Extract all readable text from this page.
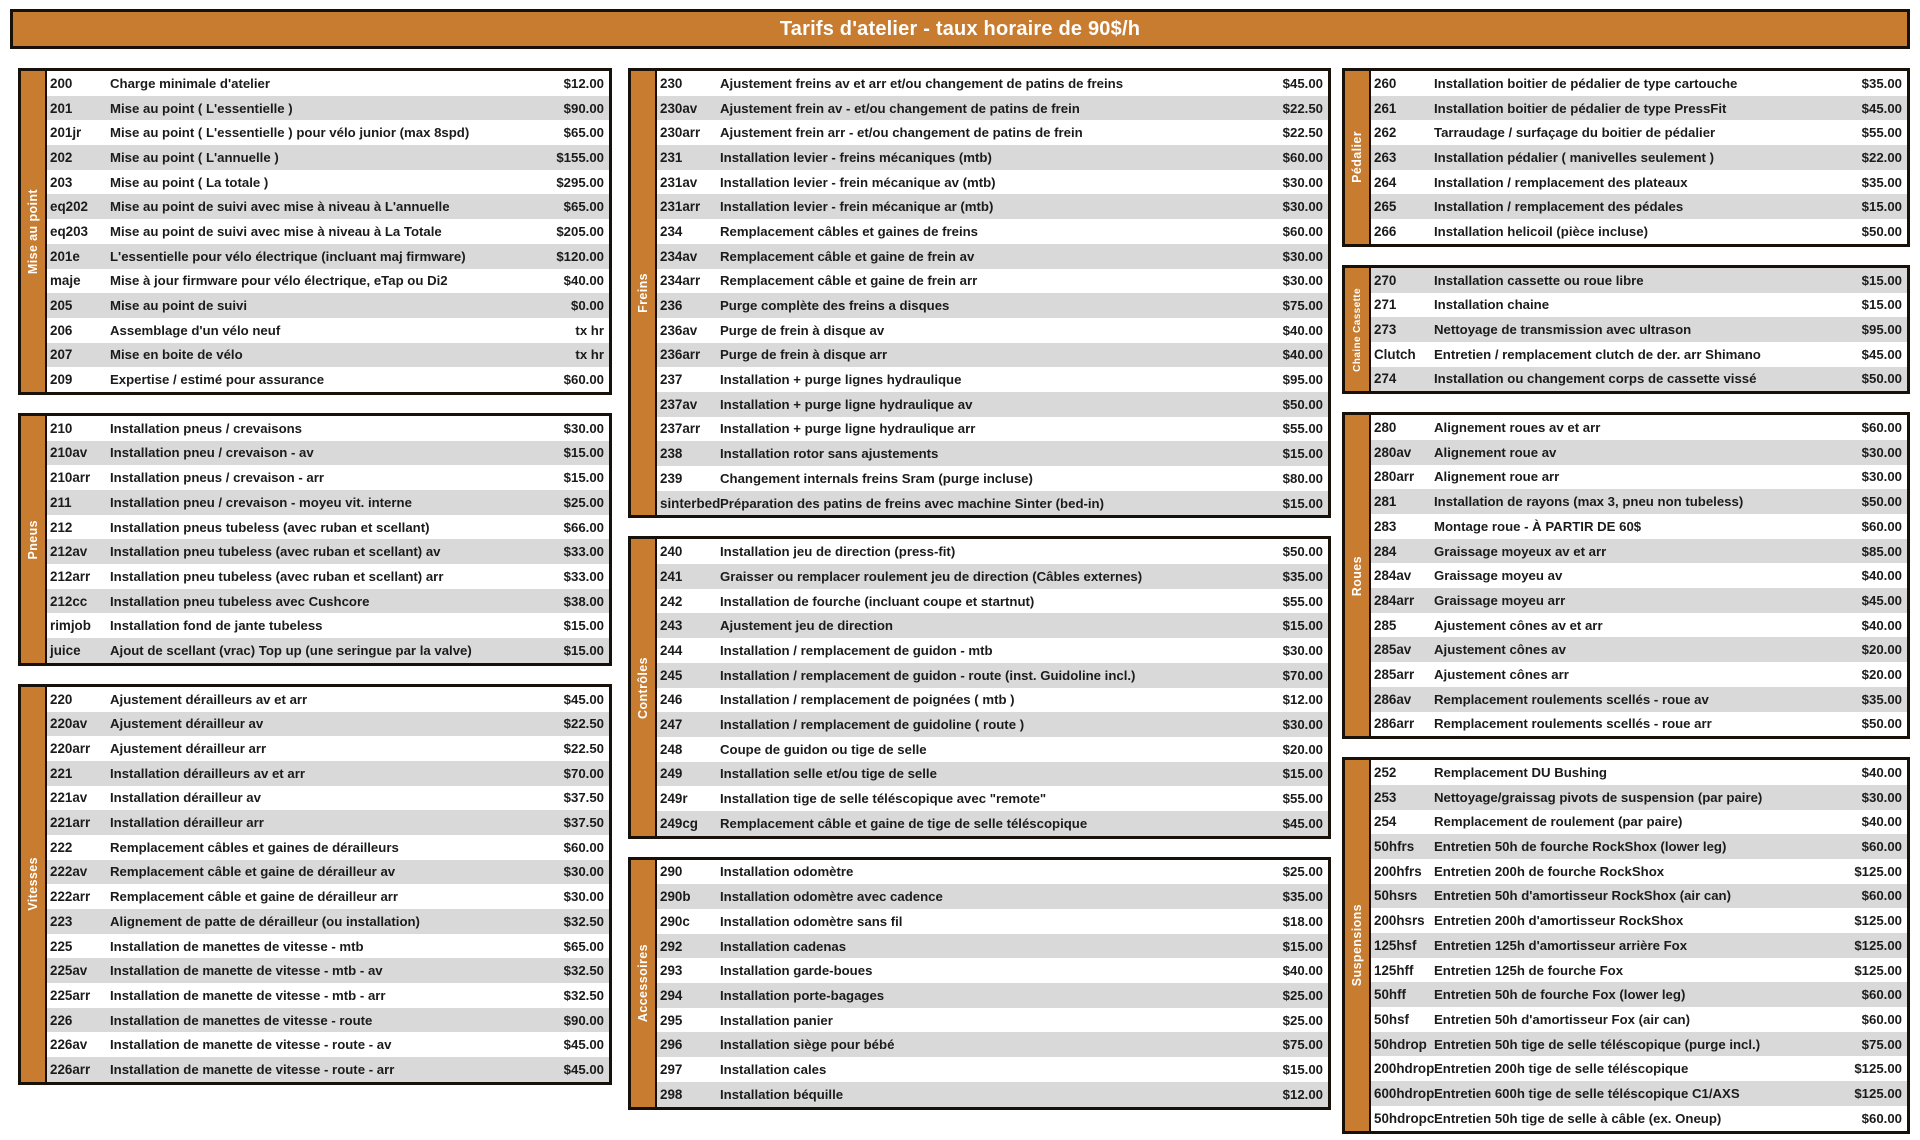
Tarifs d'atelier - taux horaire de 90$/h
Mise au point
200	Charge minimale d'atelier	$12.00
201	Mise au point ( L'essentielle )	$90.00
201jr	Mise au point ( L'essentielle ) pour vélo junior (max 8spd)	$65.00
202	Mise au point ( L'annuelle )	$155.00
203	Mise au point ( La totale )	$295.00
eq202	Mise au point de suivi avec mise à niveau à L'annuelle	$65.00
eq203	Mise au point de suivi avec mise à niveau à La Totale	$205.00
201e	L'essentielle pour vélo électrique (incluant maj firmware)	$120.00
maje	Mise à jour firmware pour vélo électrique, eTap ou Di2	$40.00
205	Mise au point de suivi	$0.00
206	Assemblage d'un vélo neuf	tx hr
207	Mise en boite de vélo	tx hr
209	Expertise / estimé pour assurance	$60.00
Pneus
210	Installation pneus / crevaisons	$30.00
210av	Installation pneu / crevaison - av	$15.00
210arr	Installation pneus / crevaison - arr	$15.00
211	Installation pneu / crevaison - moyeu vit. interne	$25.00
212	Installation pneus tubeless (avec ruban et scellant)	$66.00
212av	Installation pneu tubeless (avec ruban et scellant) av	$33.00
212arr	Installation pneu tubeless (avec ruban et scellant) arr	$33.00
212cc	Installation pneu tubeless avec Cushcore	$38.00
rimjob	Installation fond de jante tubeless	$15.00
juice	Ajout de scellant (vrac) Top up (une seringue par la valve)	$15.00
Vitesses
220	Ajustement dérailleurs av et arr	$45.00
220av	Ajustement dérailleur av	$22.50
220arr	Ajustement dérailleur arr	$22.50
221	Installation dérailleurs av et arr	$70.00
221av	Installation dérailleur av	$37.50
221arr	Installation dérailleur arr	$37.50
222	Remplacement câbles et gaines de dérailleurs	$60.00
222av	Remplacement câble et gaine de dérailleur av	$30.00
222arr	Remplacement câble et gaine de dérailleur arr	$30.00
223	Alignement de patte de dérailleur (ou installation)	$32.50
225	Installation de manettes de vitesse - mtb	$65.00
225av	Installation de manette de vitesse - mtb - av	$32.50
225arr	Installation de manette de vitesse - mtb - arr	$32.50
226	Installation de manettes de vitesse - route	$90.00
226av	Installation de manette de vitesse - route - av	$45.00
226arr	Installation de manette de vitesse - route - arr	$45.00
Freins
230	Ajustement freins av et arr et/ou changement de patins de freins	$45.00
230av	Ajustement frein av - et/ou changement de patins de frein	$22.50
230arr	Ajustement frein arr - et/ou changement de patins de frein	$22.50
231	Installation levier - freins mécaniques (mtb)	$60.00
231av	Installation levier - frein mécanique av (mtb)	$30.00
231arr	Installation levier - frein mécanique ar (mtb)	$30.00
234	Remplacement câbles et gaines de freins	$60.00
234av	Remplacement câble et gaine de frein av	$30.00
234arr	Remplacement câble et gaine de frein arr	$30.00
236	Purge complète des freins a disques	$75.00
236av	Purge de frein à disque av	$40.00
236arr	Purge de frein à disque arr	$40.00
237	Installation + purge lignes hydraulique	$95.00
237av	Installation + purge ligne hydraulique av	$50.00
237arr	Installation + purge ligne hydraulique arr	$55.00
238	Installation rotor sans ajustements	$15.00
239	Changement internals freins Sram (purge incluse)	$80.00
sinterbed Préparation des patins de freins avec machine Sinter (bed-in)	$15.00
Contrôles
240	Installation jeu de direction (press-fit)	$50.00
241	Graisser ou remplacer roulement jeu de direction (Câbles externes)	$35.00
242	Installation de fourche (incluant coupe et startnut)	$55.00
243	Ajustement jeu de direction	$15.00
244	Installation / remplacement de guidon - mtb	$30.00
245	Installation / remplacement de guidon - route (inst. Guidoline incl.)	$70.00
246	Installation / remplacement de poignées ( mtb )	$12.00
247	Installation / remplacement de guidoline ( route )	$30.00
248	Coupe de guidon ou tige de selle	$20.00
249	Installation selle et/ou tige de selle	$15.00
249r	Installation tige de selle téléscopique avec "remote"	$55.00
249cg	Remplacement câble et gaine de tige de selle téléscopique	$45.00
Accessoires
290	Installation odomètre	$25.00
290b	Installation odomètre avec cadence	$35.00
290c	Installation odomètre sans fil	$18.00
292	Installation cadenas	$15.00
293	Installation garde-boues	$40.00
294	Installation porte-bagages	$25.00
295	Installation panier	$25.00
296	Installation siège pour bébé	$75.00
297	Installation cales	$15.00
298	Installation béquille	$12.00
Pédalier
260	Installation boitier de pédalier de type cartouche	$35.00
261	Installation boitier de pédalier de type PressFit	$45.00
262	Tarraudage / surfaçage du boitier de pédalier	$55.00
263	Installation pédalier ( manivelles seulement )	$22.00
264	Installation / remplacement des plateaux	$35.00
265	Installation / remplacement des pédales	$15.00
266	Installation helicoil (pièce incluse)	$50.00
Chaine Cassette
270	Installation cassette ou roue libre	$15.00
271	Installation chaine	$15.00
273	Nettoyage de transmission avec ultrason	$95.00
Clutch	Entretien / remplacement clutch de der. arr Shimano	$45.00
274	Installation ou changement corps de cassette vissé	$50.00
Roues
280	Alignement roues av et arr	$60.00
280av	Alignement roue av	$30.00
280arr	Alignement roue arr	$30.00
281	Installation de rayons (max 3, pneu non tubeless)	$50.00
283	Montage roue - À PARTIR DE 60$	$60.00
284	Graissage moyeux av et arr	$85.00
284av	Graissage moyeu av	$40.00
284arr	Graissage moyeu arr	$45.00
285	Ajustement cônes av et arr	$40.00
285av	Ajustement cônes av	$20.00
285arr	Ajustement cônes arr	$20.00
286av	Remplacement roulements scellés - roue av	$35.00
286arr	Remplacement roulements scellés - roue arr	$50.00
Suspensions
252	Remplacement DU Bushing	$40.00
253	Nettoyage/graissag pivots de suspension (par paire)	$30.00
254	Remplacement de roulement (par paire)	$40.00
50hfrs	Entretien 50h de fourche RockShox (lower leg)	$60.00
200hfrs Entretien 200h de fourche RockShox	$125.00
50hsrs	Entretien 50h d'amortisseur RockShox (air can)	$60.00
200hsrs Entretien 200h d'amortisseur RockShox	$125.00
125hsf	Entretien 125h d'amortisseur arrière Fox	$125.00
125hff	Entretien 125h de fourche Fox	$125.00
50hff	Entretien 50h de fourche Fox (lower leg)	$60.00
50hsf	Entretien 50h d'amortisseur Fox (air can)	$60.00
50hdrop Entretien 50h tige de selle téléscopique (purge incl.)	$75.00
200hdrop Entretien 200h tige de selle téléscopique	$125.00
600hdrop Entretien 600h tige de selle téléscopique C1/AXS	$125.00
50hdropc Entretien 50h tige de selle à câble (ex. Oneup)	$60.00
